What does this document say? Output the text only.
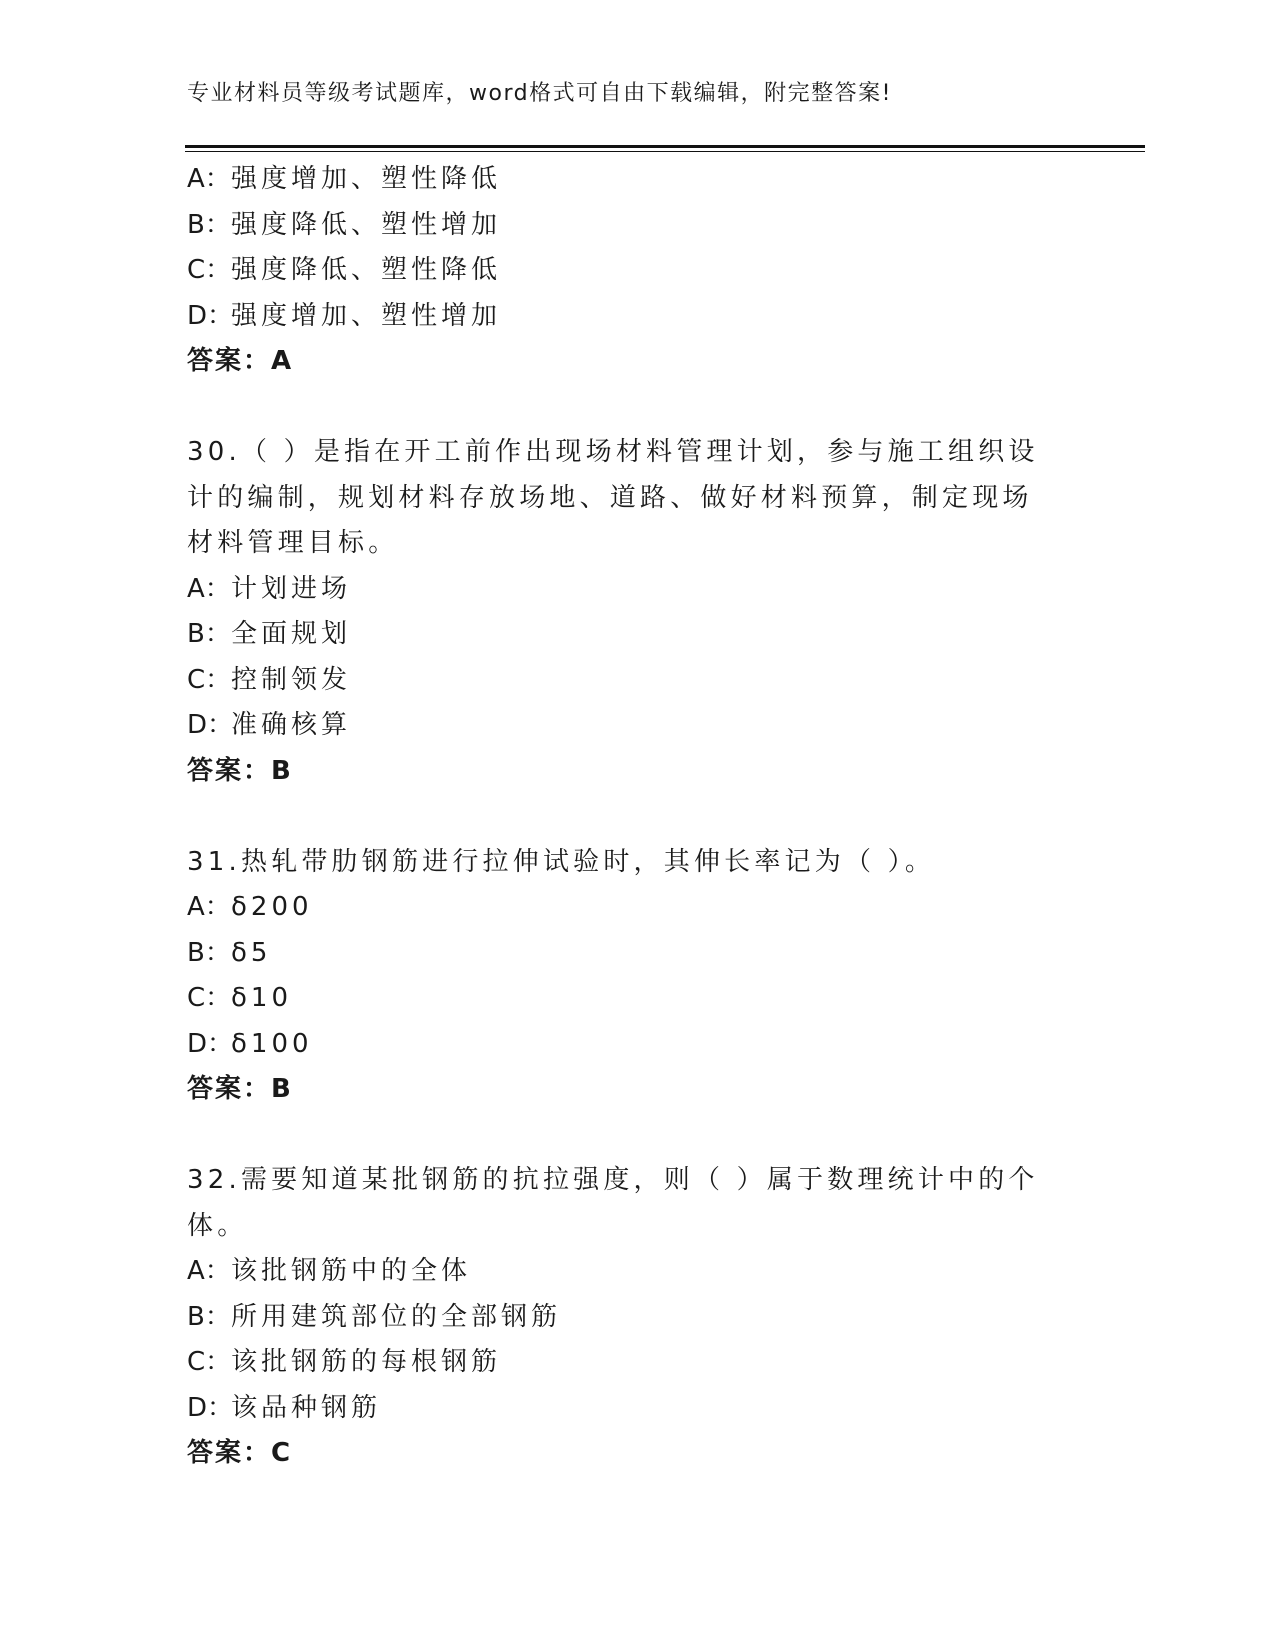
专业材料员等级考试题库，word格式可自由下载编辑，附完整答案!
A：强度增加、塑性降低
B：强度降低、塑性增加
C：强度降低、塑性降低
D：强度增加、塑性增加
答案：A
30.（ ）是指在开工前作出现场材料管理计划，参与施工组织设计的编制，规划材料存放场地、道路、做好材料预算，制定现场材料管理目标。
A：计划进场
B：全面规划
C：控制领发
D：准确核算
答案：B
31.热轧带肋钢筋进行拉伸试验时，其伸长率记为（ ）。
A：δ200
B：δ5
C：δ10
D：δ100
答案：B
32.需要知道某批钢筋的抗拉强度，则（ ）属于数理统计中的个体。
A：该批钢筋中的全体
B：所用建筑部位的全部钢筋
C：该批钢筋的每根钢筋
D：该品种钢筋
答案：C
